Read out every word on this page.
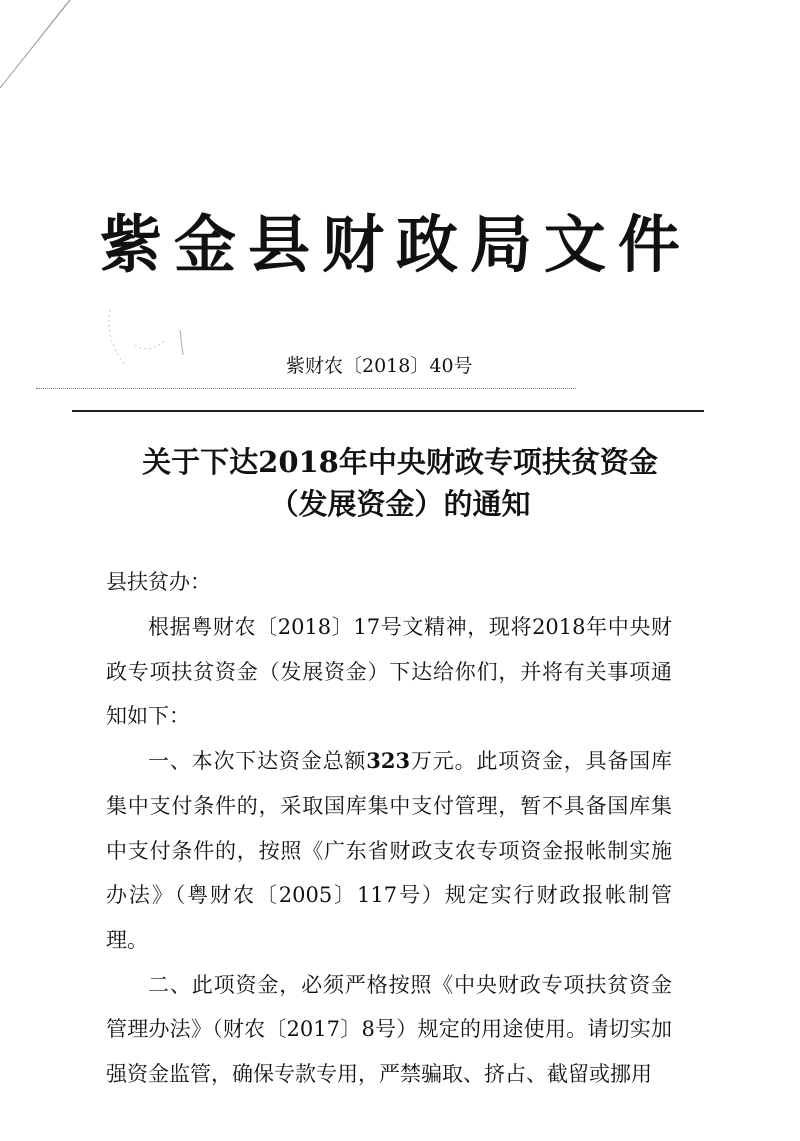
紫 金 县 财 政 局 文 件
紫财农〔2018〕40号
关于下达2018年中央财政专项扶贫资金
（发展资金）的通知
县扶贫办：

根据粤财农〔2018〕17号文精神，现将2018年中央财政专项扶贫资金（发展资金）下达给你们，并将有关事项通知如下：

一、本次下达资金总额323万元。此项资金，具备国库集中支付条件的，采取国库集中支付管理，暂不具备国库集中支付条件的，按照《广东省财政支农专项资金报帐制实施办法》（粤财农〔2005〕117号）规定实行财政报帐制管理。

二、此项资金，必须严格按照《中央财政专项扶贫资金管理办法》（财农〔2017〕8号）规定的用途使用。请切实加强资金监管，确保专款专用，严禁骗取、挤占、截留或挪用
